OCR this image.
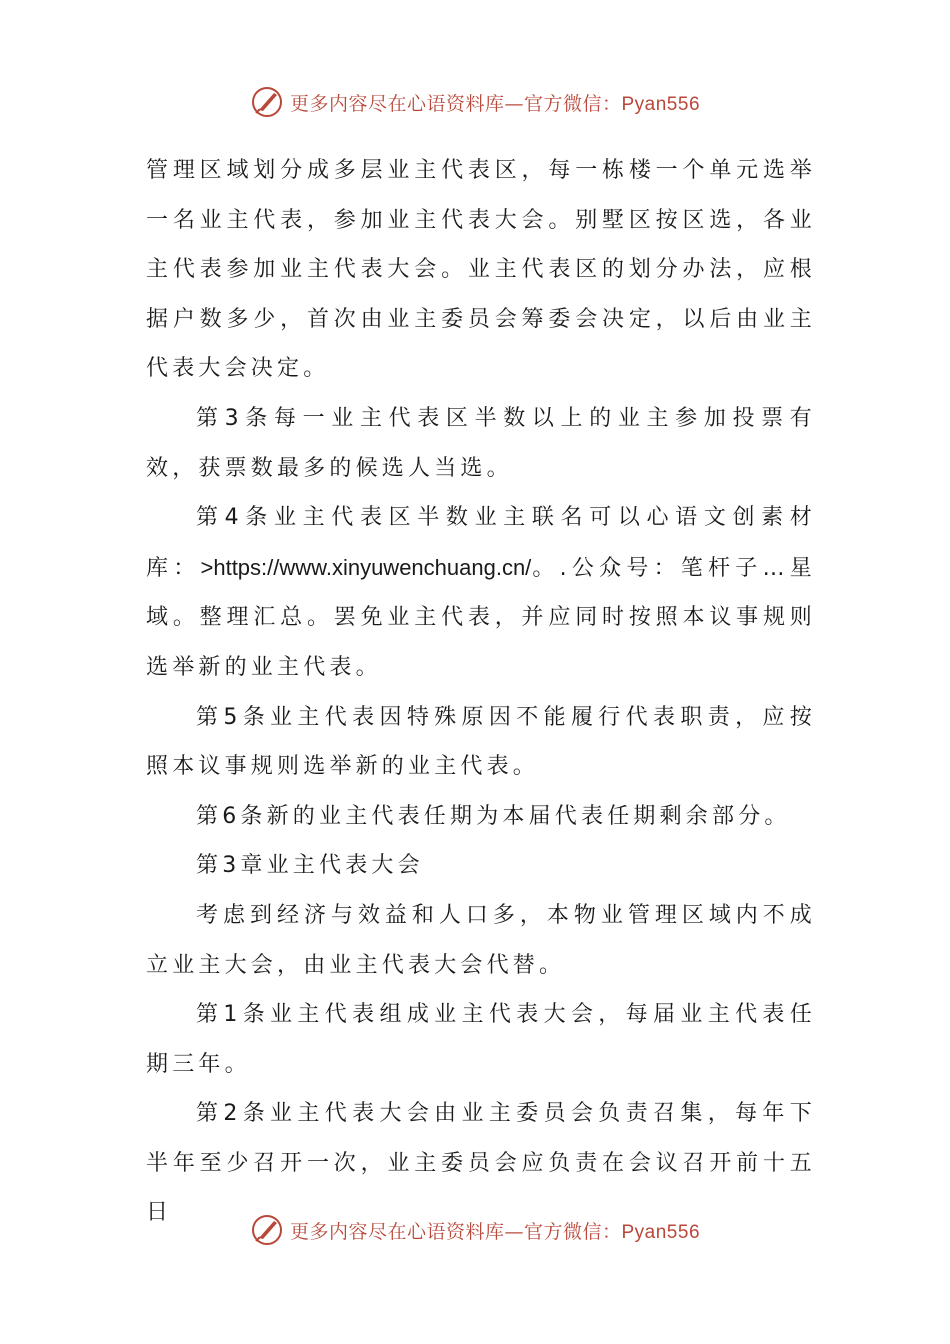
更多内容尽在心语资料库—官方微信：Pyan556

管理区域划分成多层业主代表区，每一栋楼一个单元选举一名业主代表，参加业主代表大会。别墅区按区选，各业主代表参加业主代表大会。业主代表区的划分办法，应根据户数多少，首次由业主委员会筹委会决定，以后由业主代表大会决定。

第3条每一业主代表区半数以上的业主参加投票有效，获票数最多的候选人当选。

第4条业主代表区半数业主联名可以心语文创素材库：>https://www.xinyuwenchuang.cn/。.公众号：笔杆子…星域。整理汇总。罢免业主代表，并应同时按照本议事规则选举新的业主代表。

第5条业主代表因特殊原因不能履行代表职责，应按照本议事规则选举新的业主代表。

第6条新的业主代表任期为本届代表任期剩余部分。

第3章业主代表大会

考虑到经济与效益和人口多，本物业管理区域内不成立业主大会，由业主代表大会代替。

第1条业主代表组成业主代表大会，每届业主代表任期三年。

第2条业主代表大会由业主委员会负责召集，每年下半年至少召开一次，业主委员会应负责在会议召开前十五日

更多内容尽在心语资料库—官方微信：Pyan556
